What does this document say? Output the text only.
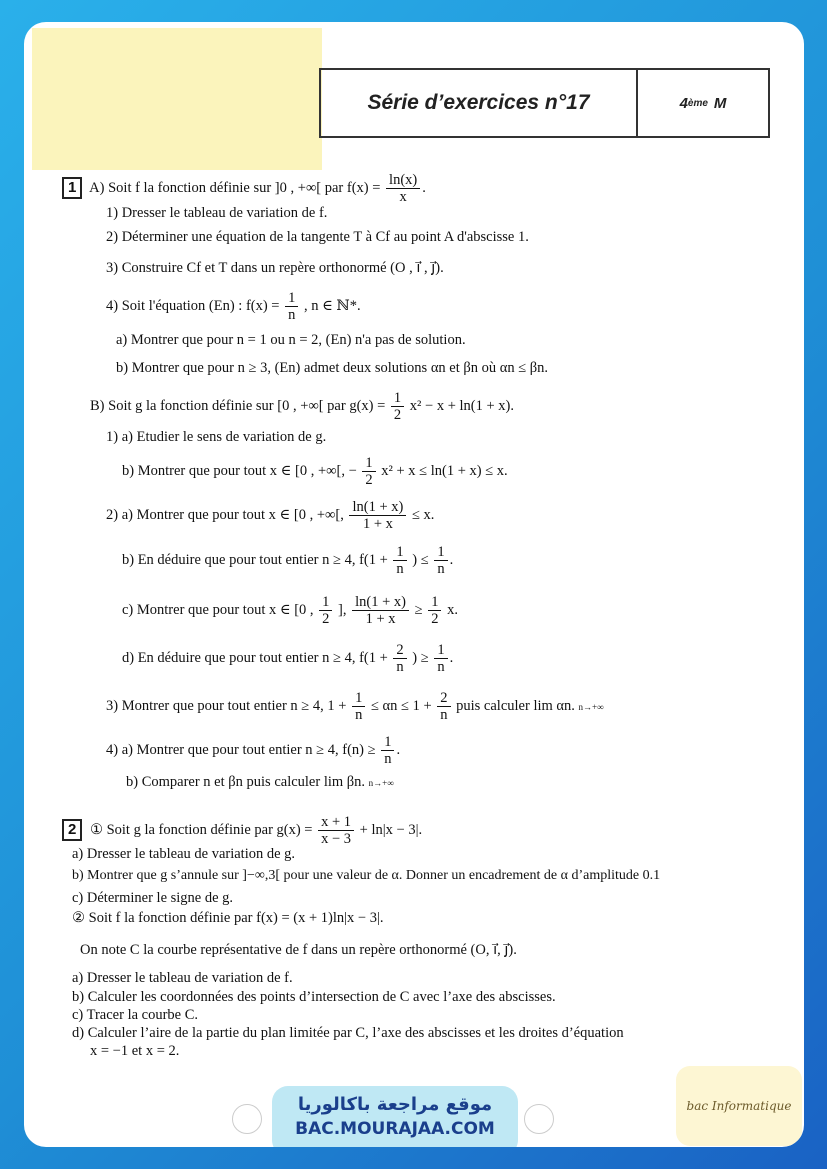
Série d’exercices n°17	4 ème M
1 A) Soit f la fonction définie sur ]0 , +∞[ par $f(x) = \frac{\ln(x)}{x}$ .
1) Dresser le tableau de variation de f.
2) Déterminer une équation de la tangente T à Cf au point A d'abscisse 1.
3) Construire Cf et T dans un repère orthonormé (O , i⃗ , j⃗).
4) Soit l'équation (En) : $f(x) = \frac{1}{n}$ , n ∈ ℕ*.
a) Montrer que pour n = 1 ou n = 2, (En) n'a pas de solution.
b) Montrer que pour n ≥ 3, (En) admet deux solutions αn et βn où αn ≤ βn.
B) Soit g la fonction définie sur [0 , +∞[ par $g(x) = \frac{1}{2} x^2 - x + \ln(1 + x)$.
1) a) Etudier le sens de variation de g.
b) Montrer que pour tout x ∈ [0 , +∞[, − $\frac{1}{2} x^2 + x \le \ln(1 + x) \le x$.
2) a) Montrer que pour tout x ∈ [0 , +∞[, $\frac{\ln(1 + x)}{1 + x} \le x$.
b) En déduire que pour tout entier n ≥ 4, $f(1 + \frac{1}{n}$ ) ≤ $\frac{1}{n}$ .
c) Montrer que pour tout x ∈ [0 , $\frac{1}{2}$ ], $\frac{\ln(1 + x)}{1 + x} \ge \frac{1}{2} x$.
d) En déduire que pour tout entier n ≥ 4, $f(1 + \frac{2}{n}$ ) ≥ $\frac{1}{n}$ .
3) Montrer que pour tout entier n ≥ 4, $1 + \frac{1}{n} \le \alpha n \le 1 + \frac{2}{n}$ puis calculer lim αn. n→+∞
4) a) Montrer que pour tout entier n ≥ 4, $f(n) \ge \frac{1}{n}$ .
b) Comparer n et βn puis calculer lim βn. n→+∞
2 ① Soit g la fonction définie par $g(x) = \frac{x + 1}{x - 3} + \ln|x - 3|$.
a) Dresser le tableau de variation de g.
b) Montrer que g s’annule sur ]−∞,3[ pour une valeur de α. Donner un encadrement de α d’amplitude 0.1
c) Déterminer le signe de g.
② Soit f la fonction définie par f(x) = (x + 1)ln|x − 3|.
On note C la courbe représentative de f dans un repère orthonormé (O, i⃗, j⃗).
a) Dresser le tableau de variation de f.
b) Calculer les coordonnées des points d’intersection de C avec l’axe des abscisses.
c) Tracer la courbe C.
d) Calculer l’aire de la partie du plan limitée par C, l’axe des abscisses et les droites d’équation
x = −1 et x = 2.
موقع مراجعة باكالوريا
BAC.MOURAJAA.COM
bac Informatique
